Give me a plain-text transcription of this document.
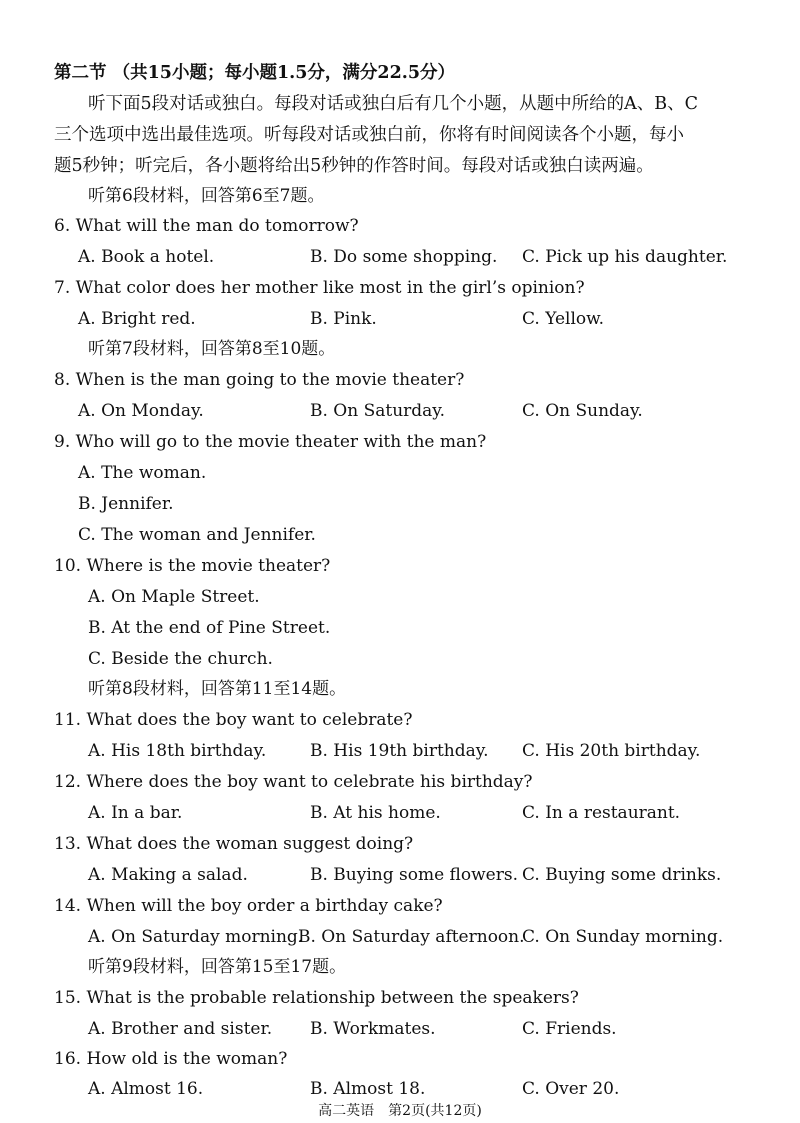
第二节 （共15小题；每小题1.5分，满分22.5分）
听下面5段对话或独白。每段对话或独白后有几个小题，从题中所给的A、B、C
三个选项中选出最佳选项。听每段对话或独白前，你将有时间阅读各个小题，每小
题5秒钟；听完后，各小题将给出5秒钟的作答时间。每段对话或独白读两遍。
听第6段材料，回答第6至7题。
6. What will the man do tomorrow?
A. Book a hotel.	B. Do some shopping. C. Pick up his daughter.
7. What color does her mother like most in the girl’s opinion?
A. Bright red.	B. Pink.	C. Yellow.
听第7段材料，回答第8至10题。
8. When is the man going to the movie theater?
A. On Monday.	B. On Saturday.	C. On Sunday.
9. Who will go to the movie theater with the man?
A. The woman.
B. Jennifer.
C. The woman and Jennifer.
10. Where is the movie theater?
A. On Maple Street.
B. At the end of Pine Street.
C. Beside the church.
听第8段材料，回答第11至14题。
11. What does the boy want to celebrate?
A. His 18th birthday.	B. His 19th birthday. C. His 20th birthday.
12. Where does the boy want to celebrate his birthday?
A. In a bar.	B. At his home.	C. In a restaurant.
13. What does the woman suggest doing?
A. Making a salad.	B. Buying some flowers. C. Buying some drinks.
14. When will the boy order a birthday cake?
A. On Saturday morning.
B. On Saturday afternoon.
C. On Sunday morning.
听第9段材料，回答第15至17题。
15. What is the probable relationship between the speakers?
A. Brother and sister. B. Workmates.	C. Friends.
16. How old is the woman?
A. Almost 16.	B. Almost 18.	C. Over 20.
高二英语　第2页(共12页)
